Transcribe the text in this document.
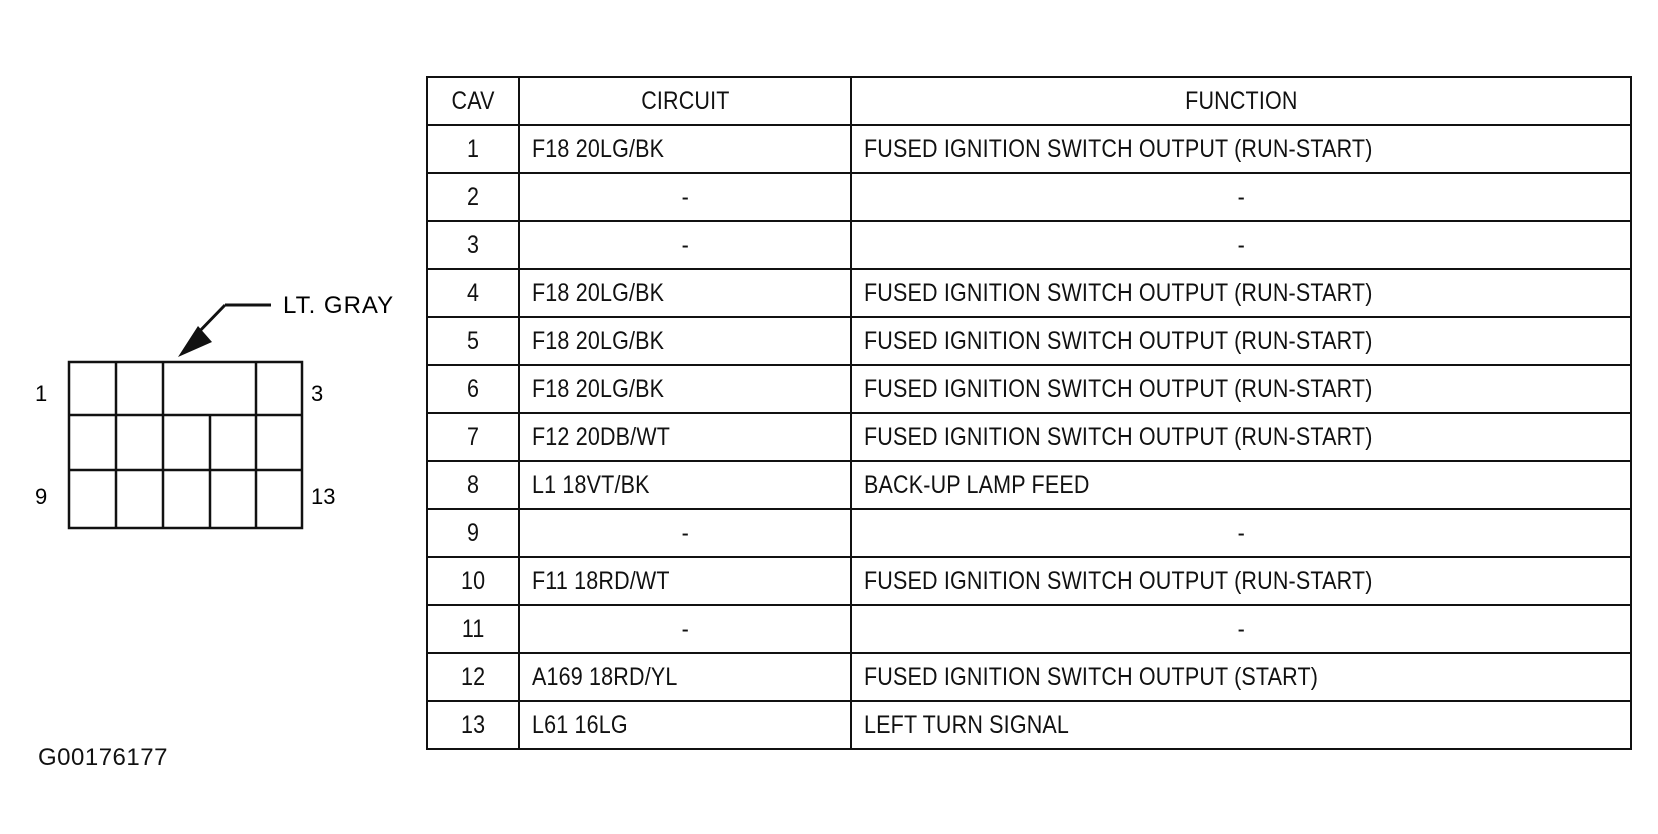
LT. GRAY
1	3
9	13
CAV	CIRCUIT	FUNCTION
1	F18 20LG/BK	FUSED IGNITION SWITCH OUTPUT (RUN-START)
2	-	-
3	-	-
4	F18 20LG/BK	FUSED IGNITION SWITCH OUTPUT (RUN-START)
5	F18 20LG/BK	FUSED IGNITION SWITCH OUTPUT (RUN-START)
6	F18 20LG/BK	FUSED IGNITION SWITCH OUTPUT (RUN-START)
7	F12 20DB/WT	FUSED IGNITION SWITCH OUTPUT (RUN-START)
8	L1 18VT/BK	BACK-UP LAMP FEED
9	-	-
10	F11 18RD/WT	FUSED IGNITION SWITCH OUTPUT (RUN-START)
11	-	-
12	A169 18RD/YL	FUSED IGNITION SWITCH OUTPUT (START)
13	L61 16LG	LEFT TURN SIGNAL
G00176177
